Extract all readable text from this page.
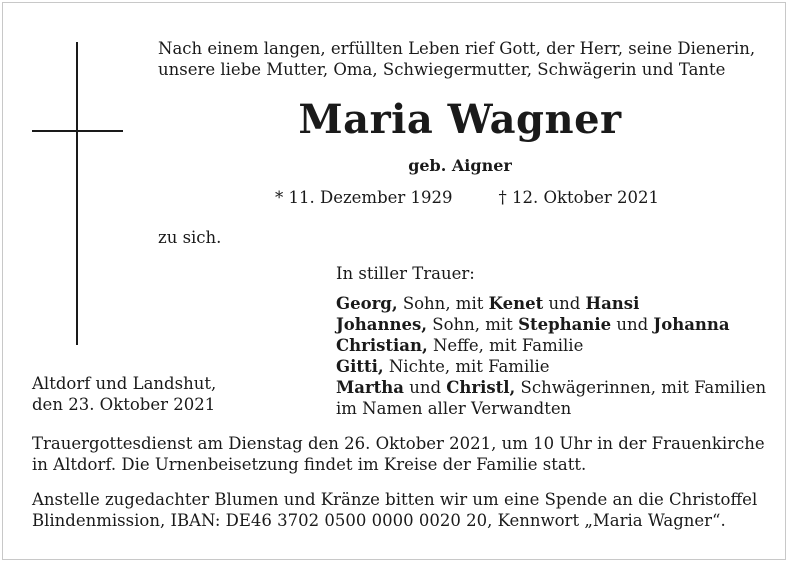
Nach einem langen, erfüllten Leben rief Gott, der Herr, seine Dienerin,
unsere liebe Mutter, Oma, Schwiegermutter, Schwägerin und Tante
Maria Wagner
geb. Aigner
* 11. Dezember 1929	† 12. Oktober 2021
zu sich.
In stiller Trauer:
Georg, Sohn, mit Kenet und Hansi
Johannes, Sohn, mit Stephanie und Johanna
Christian, Neffe, mit Familie
Gitti, Nichte, mit Familie
Martha und Christl, Schwägerinnen, mit Familien
im Namen aller Verwandten
Altdorf und Landshut,
den 23. Oktober 2021
Trauergottesdienst am Dienstag den 26. Oktober 2021, um 10 Uhr in der Frauenkirche
in Altdorf. Die Urnenbeisetzung findet im Kreise der Familie statt.
Anstelle zugedachter Blumen und Kränze bitten wir um eine Spende an die Christoffel
Blindenmission, IBAN: DE46 3702 0500 0000 0020 20, Kennwort „Maria Wagner“.
